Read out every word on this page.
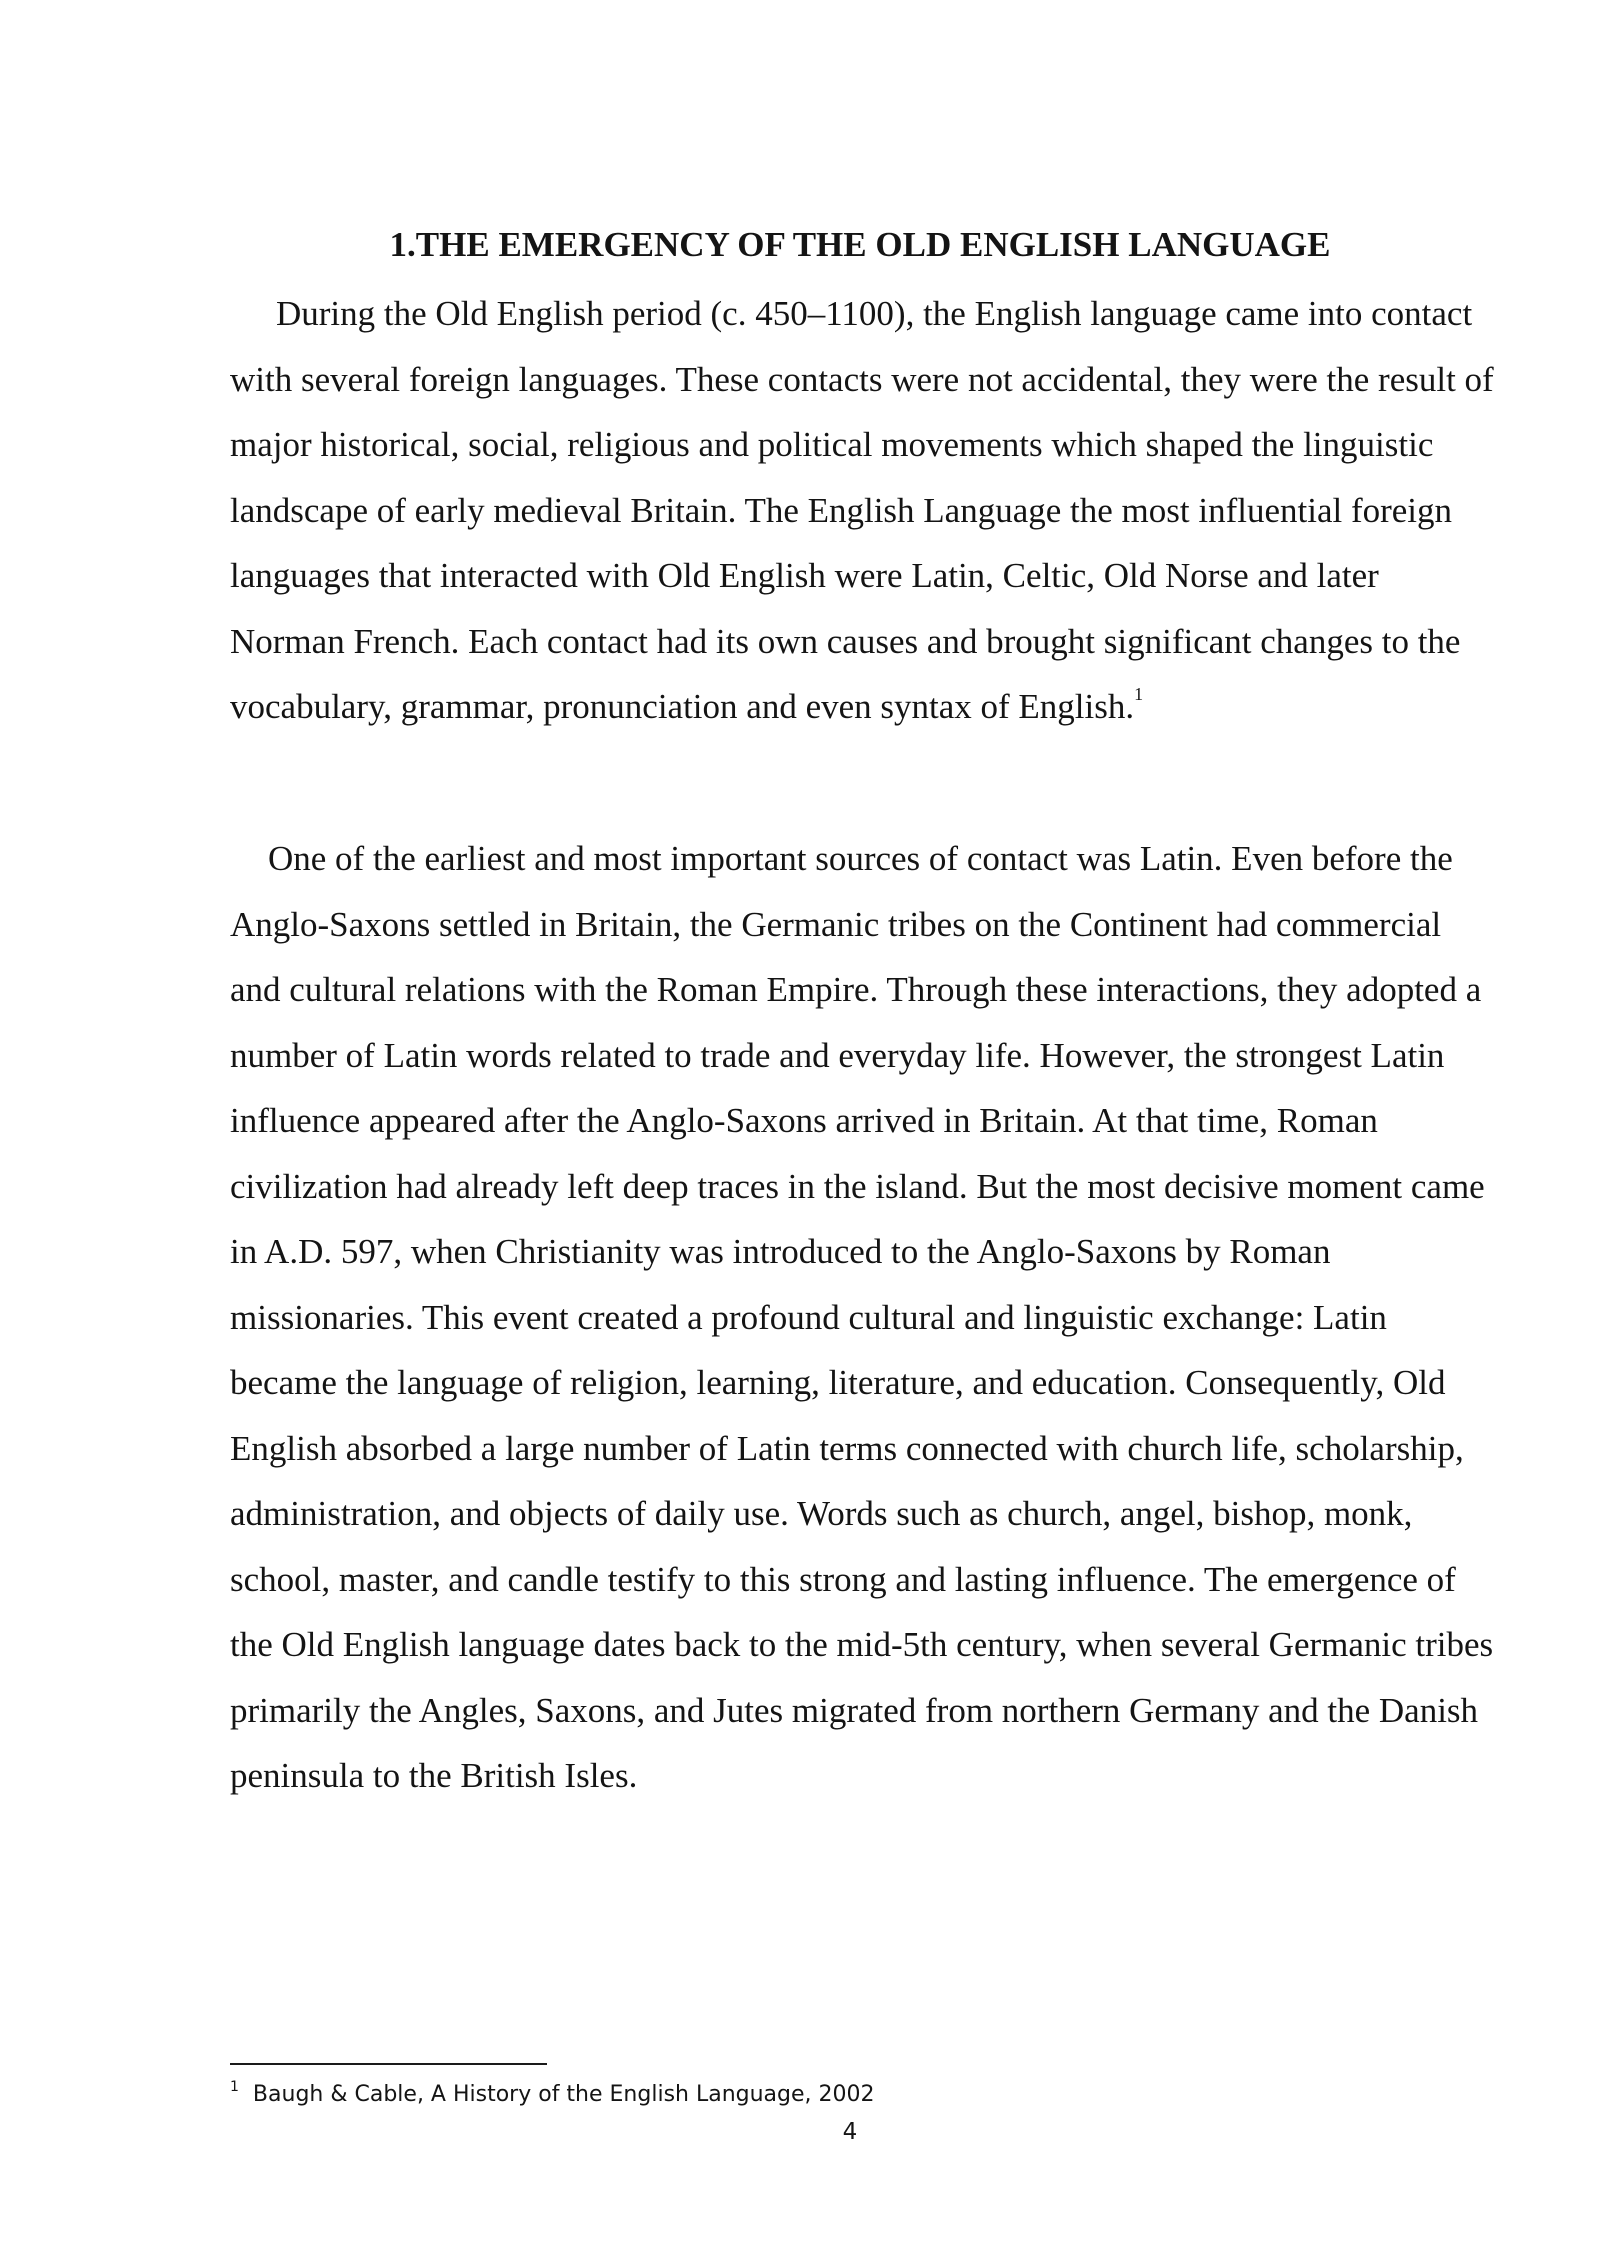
1.THE EMERGENCY OF THE OLD ENGLISH LANGUAGE

During the Old English period (c. 450–1100), the English language came into contact with several foreign languages. These contacts were not accidental, they were the result of major historical, social, religious and political movements which shaped the linguistic landscape of early medieval Britain. The English Language the most influential foreign languages that interacted with Old English were Latin, Celtic, Old Norse and later Norman French. Each contact had its own causes and brought significant changes to the vocabulary, grammar, pronunciation and even syntax of English.$^1$

One of the earliest and most important sources of contact was Latin. Even before the Anglo-Saxons settled in Britain, the Germanic tribes on the Continent had commercial and cultural relations with the Roman Empire. Through these interactions, they adopted a number of Latin words related to trade and everyday life. However, the strongest Latin influence appeared after the Anglo-Saxons arrived in Britain. At that time, Roman civilization had already left deep traces in the island. But the most decisive moment came in A.D. 597, when Christianity was introduced to the Anglo-Saxons by Roman missionaries. This event created a profound cultural and linguistic exchange: Latin became the language of religion, learning, literature, and education. Consequently, Old English absorbed a large number of Latin terms connected with church life, scholarship, administration, and objects of daily use. Words such as church, angel, bishop, monk, school, master, and candle testify to this strong and lasting influence. The emergence of the Old English language dates back to the mid-5th century, when several Germanic tribes primarily the Angles, Saxons, and Jutes migrated from northern Germany and the Danish peninsula to the British Isles.

$^1$ Baugh & Cable, A History of the English Language, 2002

4
